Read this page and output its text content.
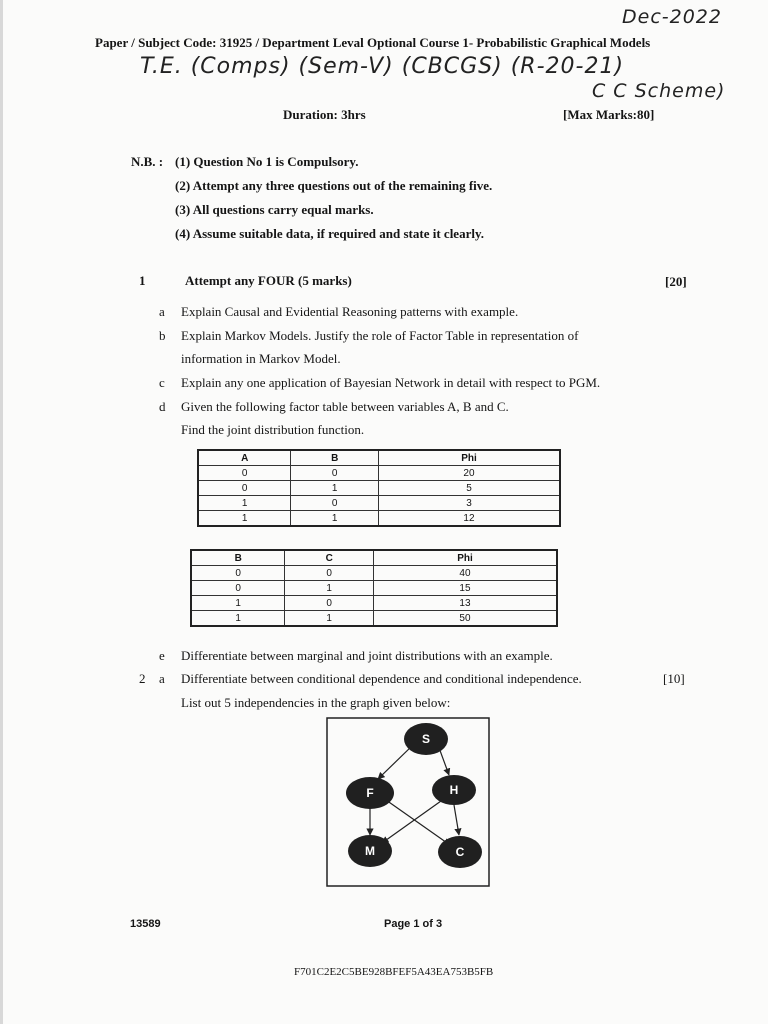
Dec-2022
T.E. (Comps) (Sem-V) (CBCGS) (R-20-21)
C C Scheme)
Paper / Subject Code: 31925 / Department Leval Optional Course 1- Probabilistic Graphical Models
Duration: 3hrs	[Max Marks:80]
N.B. : (1) Question No 1 is Compulsory.
(2) Attempt any three questions out of the remaining five.
(3) All questions carry equal marks.
(4) Assume suitable data, if required and state it clearly.
1	Attempt any FOUR (5 marks)	[20]
a Explain Causal and Evidential Reasoning patterns with example.
b Explain Markov Models. Justify the role of Factor Table in representation of
information in Markov Model.
c Explain any one application of Bayesian Network in detail with respect to PGM.
d Given the following factor table between variables A, B and C.
Find the joint distribution function.
A	B	Phi
0	0	20
0	1	5
1	0	3
1	1	12
B	C	Phi
0	0	40
0	1	15
1	0	13
1	1	50
e Differentiate between marginal and joint distributions with an example.
2 a Differentiate between conditional dependence and conditional independence.	[10]
List out 5 independencies in the graph given below:
S
F	H
M	C
13589	Page 1 of 3
F701C2E2C5BE928BFEF5A43EA753B5FB
